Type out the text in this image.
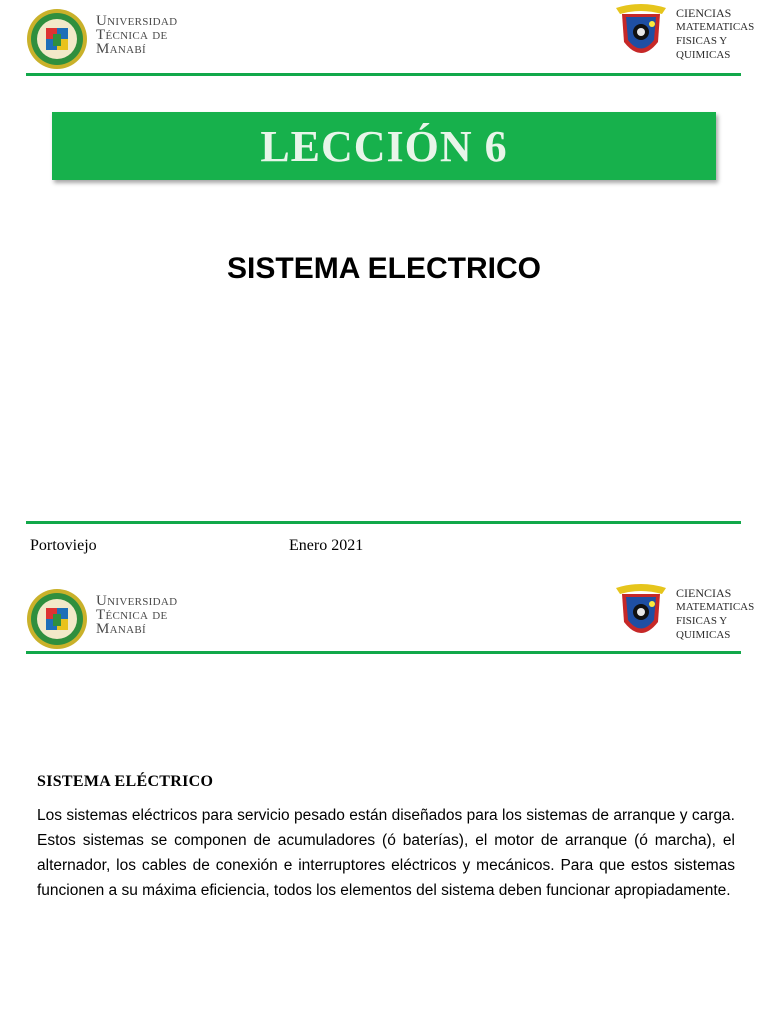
Universidad
Técnica de
Manabí
CIENCIAS
MATEMATICAS
FISICAS Y
QUIMICAS
LECCIÓN 6
SISTEMA ELECTRICO
Portoviejo	Enero 2021
Universidad
Técnica de
Manabí
CIENCIAS
MATEMATICAS
FISICAS Y
QUIMICAS
SISTEMA ELÉCTRICO
Los sistemas eléctricos para servicio pesado están diseñados para los sistemas de arranque y carga. Estos sistemas se componen de acumuladores (ó baterías), el motor de arranque (ó marcha), el alternador, los cables de conexión e interruptores eléctricos y mecánicos. Para que estos sistemas funcionen a su máxima eficiencia, todos los elementos del sistema deben funcionar apropiadamente.
